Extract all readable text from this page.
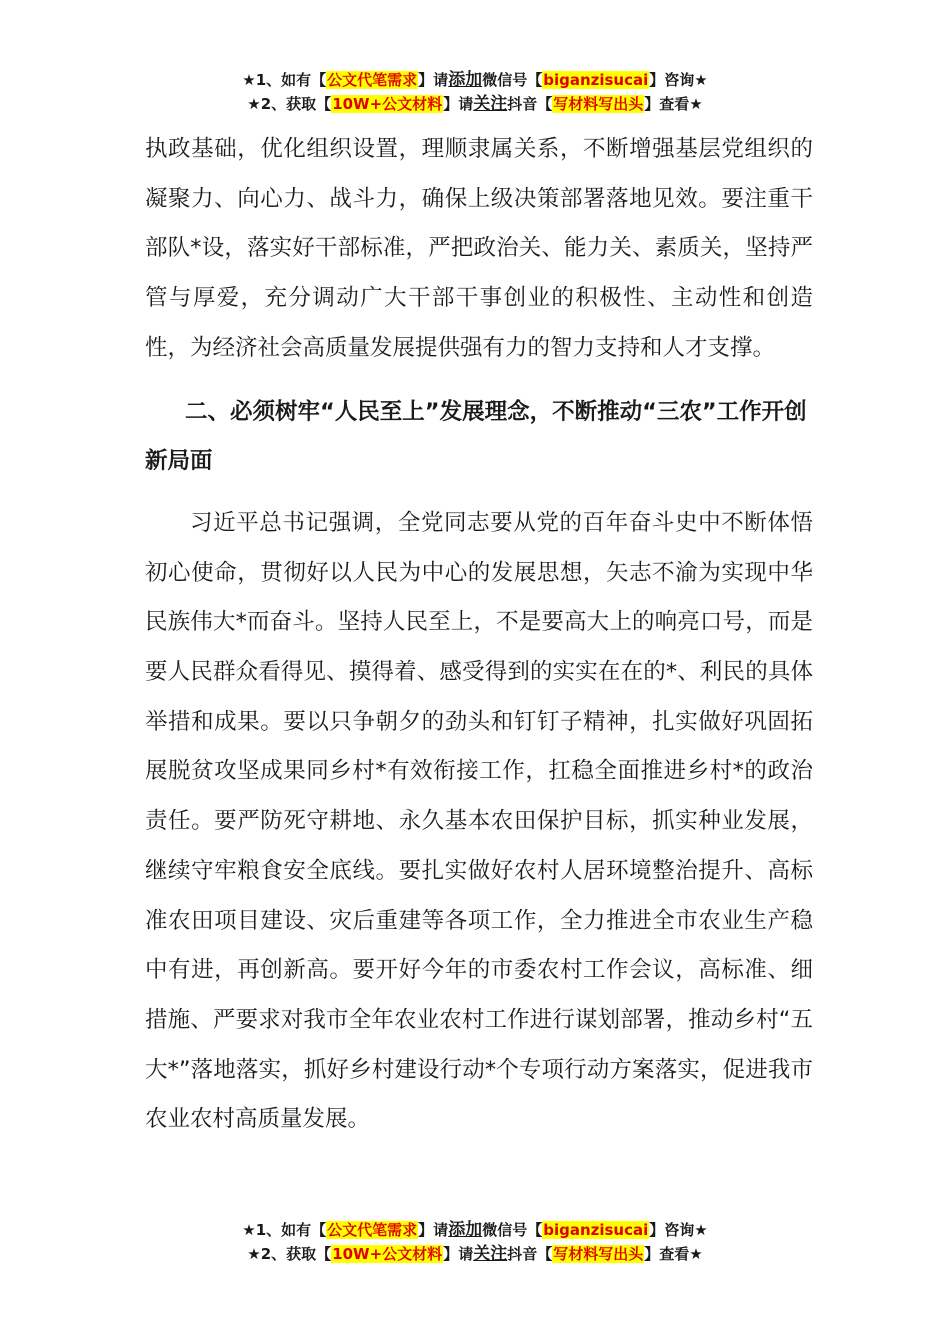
★1、如有【公文代笔需求】请添加微信号【biganzisucai】咨询★
★2、获取【10W+公文材料】请关注抖音【写材料写出头】查看★

执政基础，优化组织设置，理顺隶属关系，不断增强基层党组织的凝聚力、向心力、战斗力，确保上级决策部署落地见效。要注重干部队*设，落实好干部标准，严把政治关、能力关、素质关，坚持严管与厚爱，充分调动广大干部干事创业的积极性、主动性和创造性，为经济社会高质量发展提供强有力的智力支持和人才支撑。

二、必须树牢“人民至上”发展理念，不断推动“三农”工作开创新局面

习近平总书记强调，全党同志要从党的百年奋斗史中不断体悟初心使命，贯彻好以人民为中心的发展思想，矢志不渝为实现中华民族伟大*而奋斗。坚持人民至上，不是要高大上的响亮口号，而是要人民群众看得见、摸得着、感受得到的实实在在的*、利民的具体举措和成果。要以只争朝夕的劲头和钉钉子精神，扎实做好巩固拓展脱贫攻坚成果同乡村*有效衔接工作，扛稳全面推进乡村*的政治责任。要严防死守耕地、永久基本农田保护目标，抓实种业发展，继续守牢粮食安全底线。要扎实做好农村人居环境整治提升、高标准农田项目建设、灾后重建等各项工作，全力推进全市农业生产稳中有进，再创新高。要开好今年的市委农村工作会议，高标准、细措施、严要求对我市全年农业农村工作进行谋划部署，推动乡村“五大*”落地落实，抓好乡村建设行动*个专项行动方案落实，促进我市农业农村高质量发展。

★1、如有【公文代笔需求】请添加微信号【biganzisucai】咨询★
★2、获取【10W+公文材料】请关注抖音【写材料写出头】查看★
